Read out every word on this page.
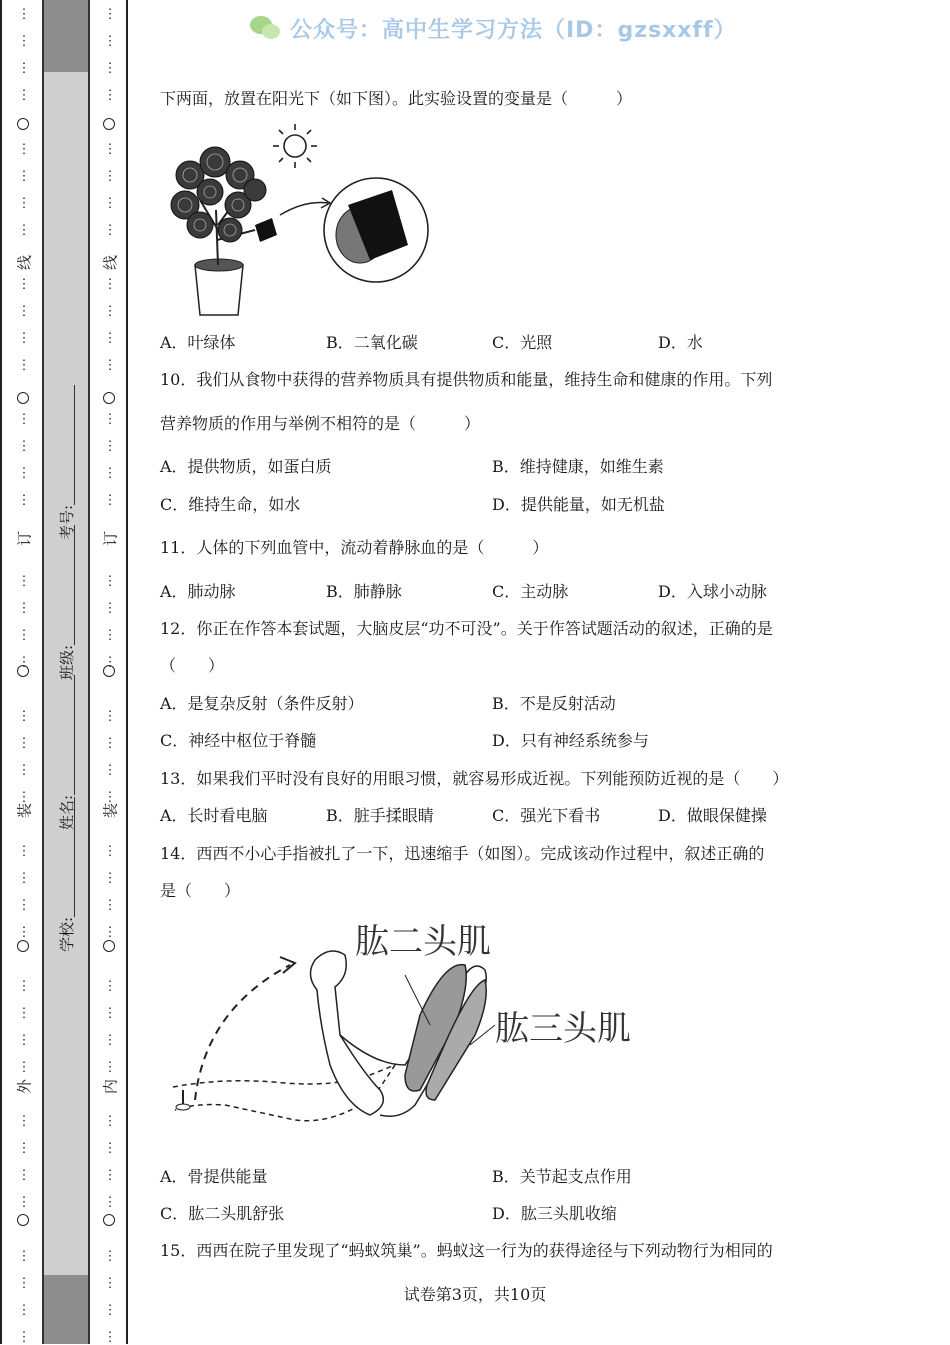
⋮
⋮
⋮
⋮
⋮
⋮
⋮
⋮
⋮
⋮
⋮
⋮
⋮
⋮
⋮
⋮
⋮
⋮
⋮
⋮
⋮
⋮
⋮
⋮
⋮
⋮
⋮
⋮
⋮
⋮
⋮
⋮
⋮
⋮
⋮
⋮
⋮
⋮
⋮
⋮
线
订
装
外
⋮
⋮
⋮
⋮
⋮
⋮
⋮
⋮
⋮
⋮
⋮
⋮
⋮
⋮
⋮
⋮
⋮
⋮
⋮
⋮
⋮
⋮
⋮
⋮
⋮
⋮
⋮
⋮
⋮
⋮
⋮
⋮
⋮
⋮
⋮
⋮
⋮
⋮
⋮
⋮
线
订
装
内
学校:
姓名:
班级:
考号:
公众号：高中生学习方法（ID：gzsxxff）
下两面，放置在阳光下（如下图）。此实验设置的变量是（　　　）
A．叶绿体	B．二氧化碳	C．光照	D．水
10．我们从食物中获得的营养物质具有提供物质和能量，维持生命和健康的作用。下列
营养物质的作用与举例不相符的是（　　　）
A．提供物质，如蛋白质	B．维持健康，如维生素
C．维持生命，如水	D．提供能量，如无机盐
11．人体的下列血管中，流动着静脉血的是（　　　）
A．肺动脉	B．肺静脉	C．主动脉	D．入球小动脉
12．你正在作答本套试题，大脑皮层“功不可没”。关于作答试题活动的叙述，正确的是
（　　）
A．是复杂反射（条件反射）	B．不是反射活动
C．神经中枢位于脊髓	D．只有神经系统参与
13．如果我们平时没有良好的用眼习惯，就容易形成近视。下列能预防近视的是（　　）
A．长时看电脑	B．脏手揉眼睛	C．强光下看书	D．做眼保健操
14．西西不小心手指被扎了一下，迅速缩手（如图）。完成该动作过程中，叙述正确的
是（　　）
肱二头肌
肱三头肌
A．骨提供能量	B．关节起支点作用
C．肱二头肌舒张	D．肱三头肌收缩
15．西西在院子里发现了“蚂蚁筑巢”。蚂蚁这一行为的获得途径与下列动物行为相同的
试卷第3页，共10页
